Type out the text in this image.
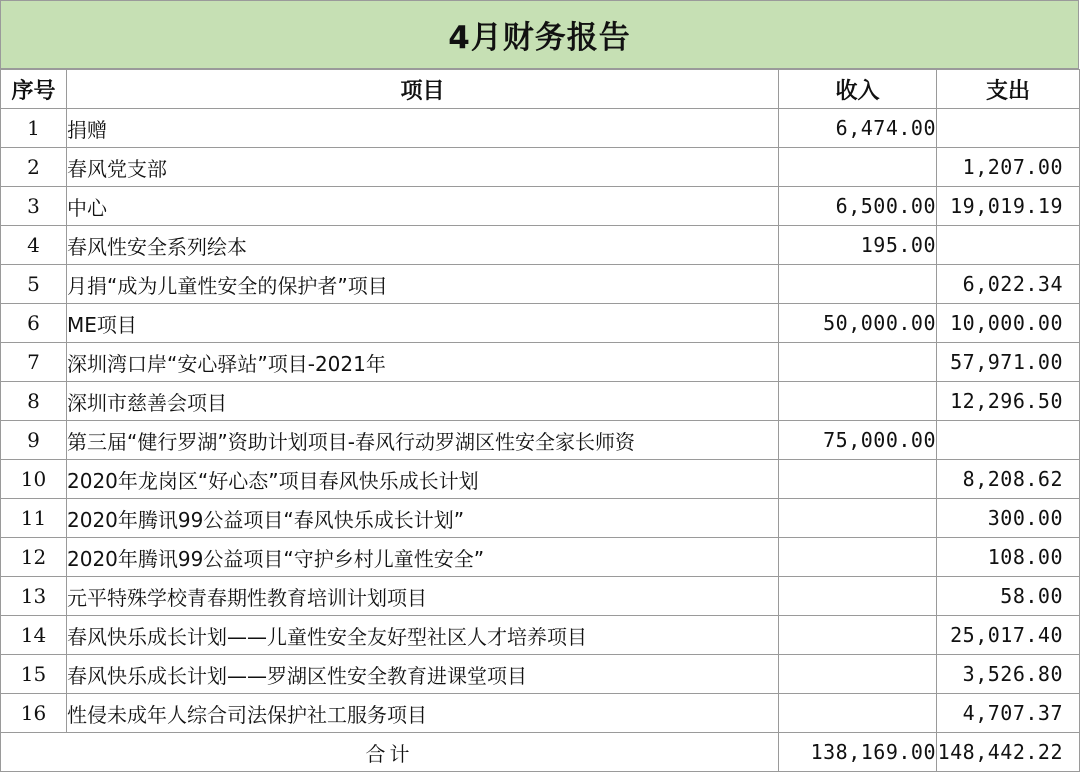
4月财务报告
序号	项目	收入	支出
1	捐赠	6,474.00	
2	春风党支部		1,207.00
3	中心	6,500.00	19,019.19
4	春风性安全系列绘本	195.00	
5	月捐“成为儿童性安全的保护者”项目		6,022.34
6	ME项目	50,000.00	10,000.00
7	深圳湾口岸“安心驿站”项目-2021年		57,971.00
8	深圳市慈善会项目		12,296.50
9	第三届“健行罗湖”资助计划项目-春风行动罗湖区性安全家长师资	75,000.00	
10	2020年龙岗区“好心态”项目春风快乐成长计划		8,208.62
11	2020年腾讯99公益项目“春风快乐成长计划”		300.00
12	2020年腾讯99公益项目“守护乡村儿童性安全”		108.00
13	元平特殊学校青春期性教育培训计划项目		58.00
14	春风快乐成长计划——儿童性安全友好型社区人才培养项目		25,017.40
15	春风快乐成长计划——罗湖区性安全教育进课堂项目		3,526.80
16	性侵未成年人综合司法保护社工服务项目		4,707.37
合计		138,169.00	148,442.22
